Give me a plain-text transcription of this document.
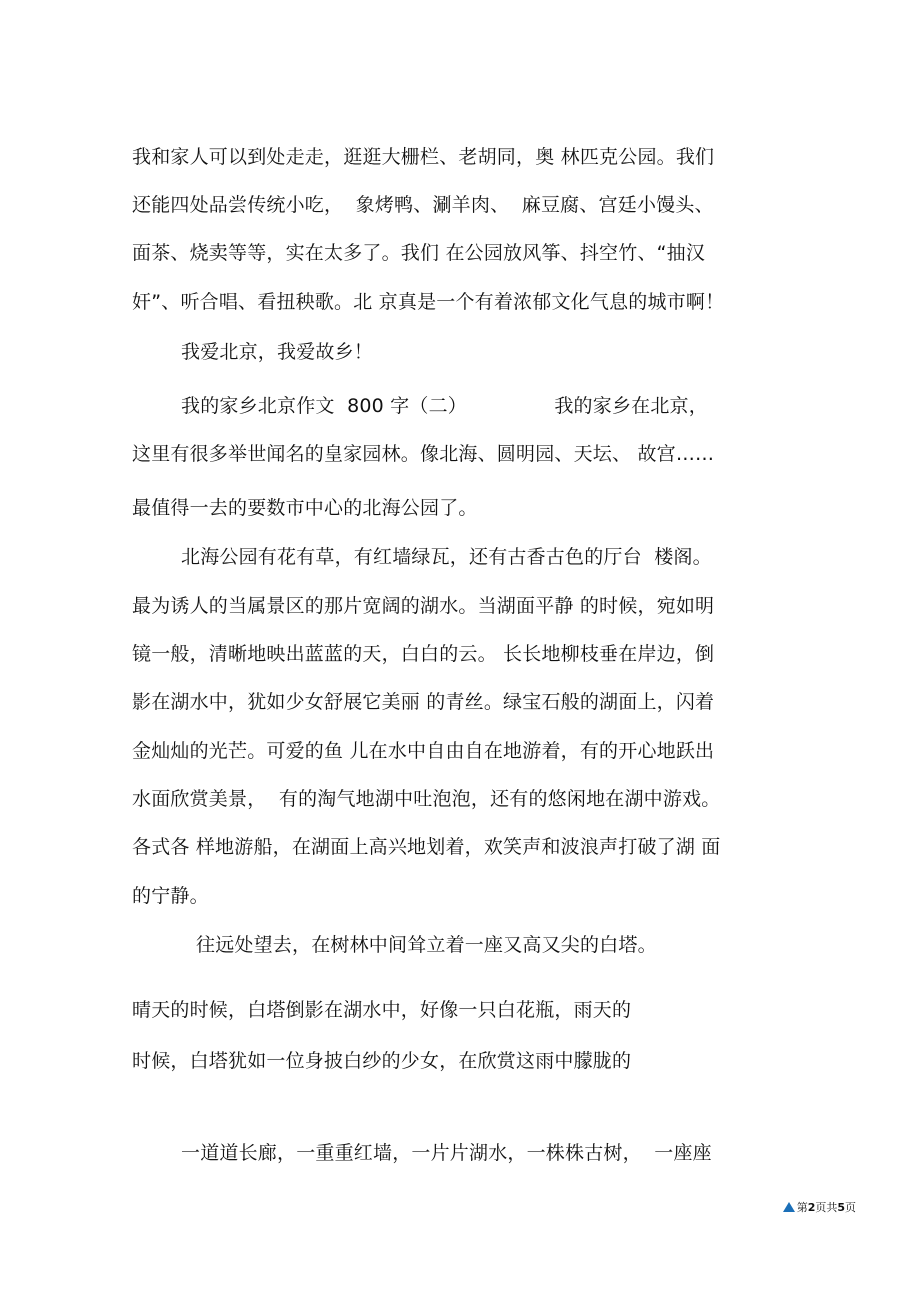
我和家人可以到处走走，逛逛大栅栏、老胡同，奥 林匹克公园。我们
还能四处品尝传统小吃，  象烤鸭、涮羊肉、  麻豆腐、宫廷小馒头、
面茶、烧卖等等，实在太多了。我们 在公园放风筝、抖空竹、“抽汉
奸”、听合唱、看扭秧歌。北 京真是一个有着浓郁文化气息的城市啊！
我爱北京，我爱故乡！
我的家乡北京作文  800 字（二）              我的家乡在北京，
这里有很多举世闻名的皇家园林。像北海、圆明园、天坛、 故宫……
最值得一去的要数市中心的北海公园了。
北海公园有花有草，有红墙绿瓦，还有古香古色的厅台  楼阁。
最为诱人的当属景区的那片宽阔的湖水。当湖面平静 的时候，宛如明
镜一般，清晰地映出蓝蓝的天，白白的云。 长长地柳枝垂在岸边，倒
影在湖水中，犹如少女舒展它美丽 的青丝。绿宝石般的湖面上，闪着
金灿灿的光芒。可爱的鱼 儿在水中自由自在地游着，有的开心地跃出
水面欣赏美景，  有的淘气地湖中吐泡泡，还有的悠闲地在湖中游戏。
各式各 样地游船，在湖面上高兴地划着，欢笑声和波浪声打破了湖 面
的宁静。
往远处望去，在树林中间耸立着一座又高又尖的白塔。
晴天的时候，白塔倒影在湖水中，好像一只白花瓶，雨天的
时候，白塔犹如一位身披白纱的少女，在欣赏这雨中朦胧的
一道道长廊，一重重红墙，一片片湖水，一株株古树，  一座座
第2页共5页
